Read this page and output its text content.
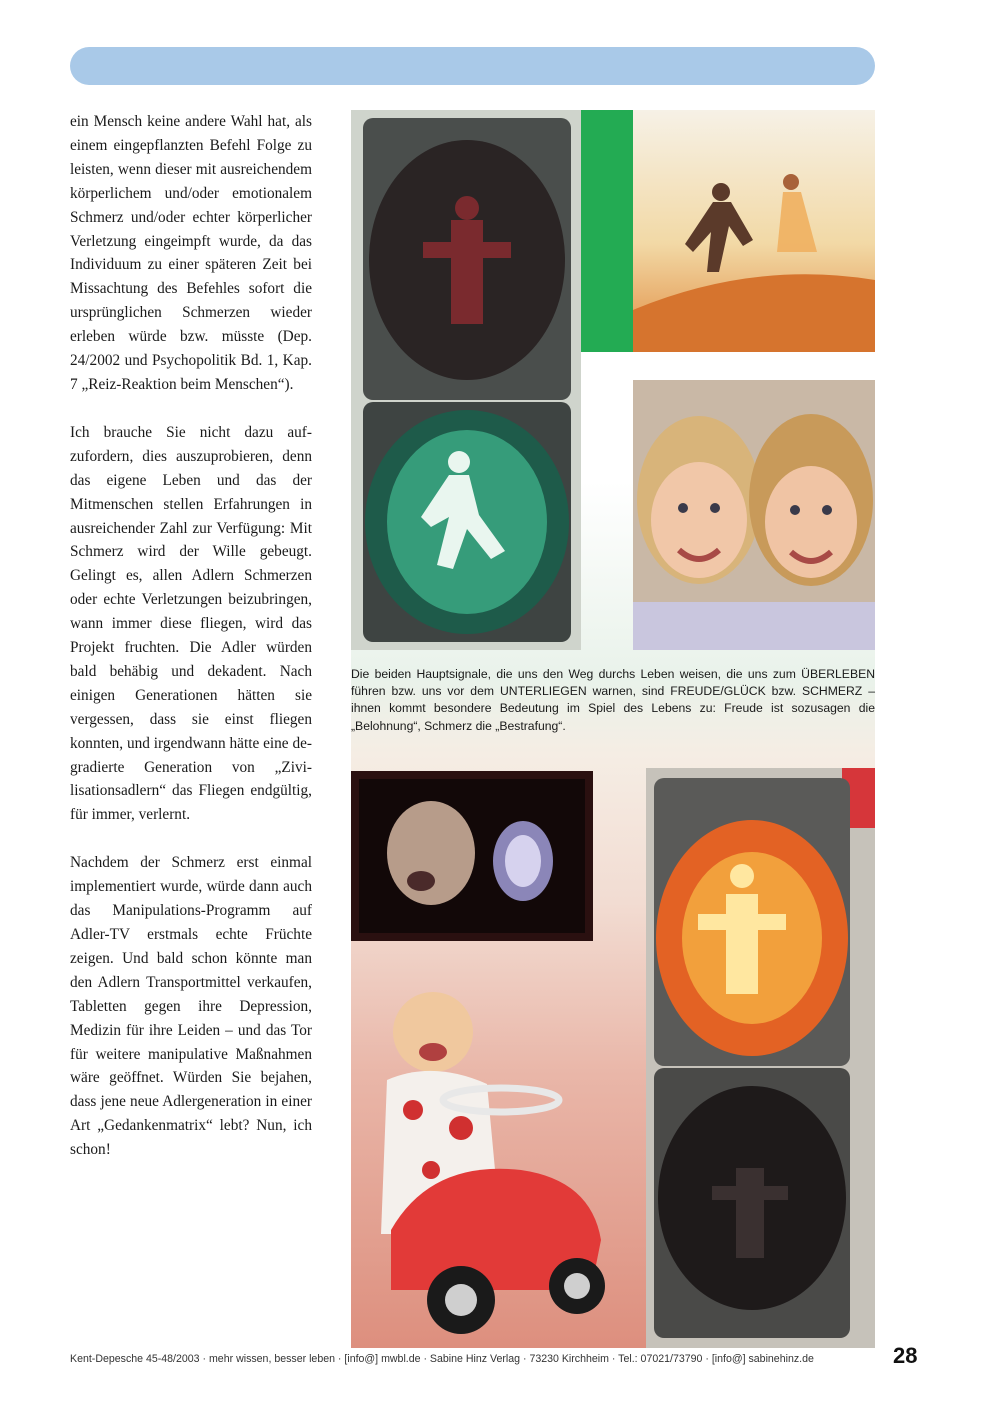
ein Mensch keine andere Wahl hat, als einem eingepflanzten Befehl Folge zu leisten, wenn dieser mit ausreichendem körperlichem und/oder emotionalem Schmerz und/oder echter körperlicher Verletzung eingeimpft wurde, da das Individuum zu einer späteren Zeit bei Missachtung des Befehles sofort die ursprünglichen Schmerzen wieder erleben würde bzw. müsste (Dep. 24/2002 und Psychopolitik Bd. 1, Kap. 7 „Reiz-Reaktion beim Menschen“).

Ich brauche Sie nicht dazu aufzufordern, dies auszuprobieren, denn das eigene Leben und das der Mitmenschen stellen Erfahrungen in ausreichender Zahl zur Verfügung: Mit Schmerz wird der Wille gebeugt. Gelingt es, allen Adlern Schmerzen oder echte Verletzungen beizubringen, wann immer diese fliegen, wird das Projekt fruchten. Die Adler würden bald behäbig und dekadent. Nach einigen Generationen hätten sie vergessen, dass sie einst fliegen konnten, und irgendwann hätte eine degradierte Generation von „Zivilisationsadlern“ das Fliegen endgültig, für immer, verlernt.

Nachdem der Schmerz erst einmal implementiert wurde, würde dann auch das Manipulations-Programm auf Adler-TV erstmals echte Früchte zeigen. Und bald schon könnte man den Adlern Transportmittel verkaufen, Tabletten gegen ihre Depression, Medizin für ihre Leiden – und das Tor für weitere manipulative Maßnahmen wäre geöffnet. Würden Sie bejahen, dass jene neue Adlergeneration in einer Art „Gedankenmatrix“ lebt? Nun, ich schon!

Die beiden Hauptsignale, die uns den Weg durchs Leben weisen, die uns zum ÜBERLEBEN führen bzw. uns vor dem UNTERLIEGEN warnen, sind FREUDE/GLÜCK bzw. SCHMERZ – ihnen kommt besondere Bedeutung im Spiel des Lebens zu: Freude ist sozusagen die „Belohnung“, Schmerz die „Bestrafung“.
Kent-Depesche 45-48/2003 · mehr wissen, besser leben · [info@] mwbl.de · Sabine Hinz Verlag · 73230 Kirchheim · Tel.: 07021/73790 · [info@] sabinehinz.de	28
